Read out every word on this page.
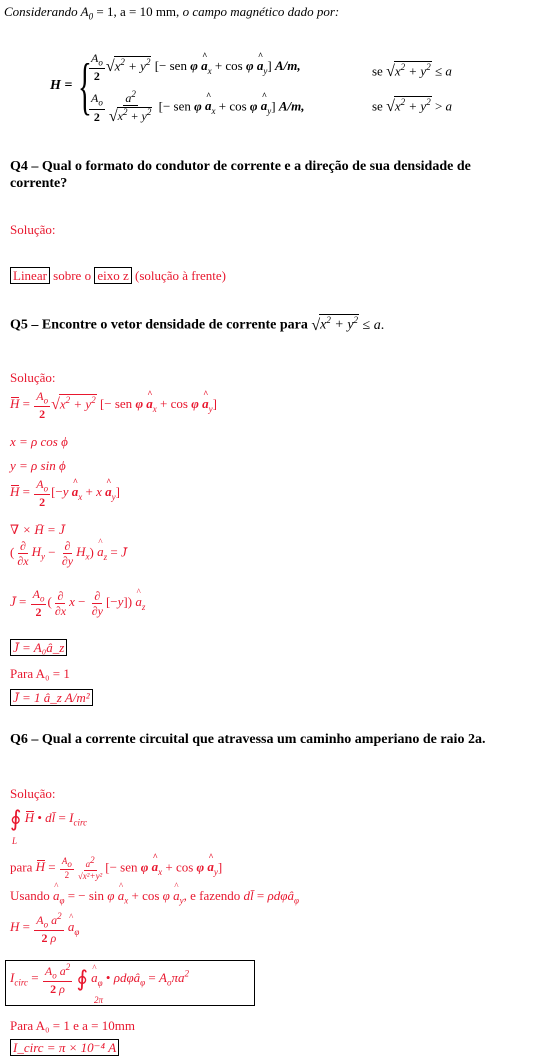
Considerando $A_0 = 1$, a = 10 mm, o campo magnético dado por:
H = {
$\frac{A_o}{2} √x^2 + y^2$ [− sen φ ^ $a_x + \cos \varphi$ ^ $a_y$] A/m,	se $√x^2 + y^2 \le a$
$\frac{A_o}{2} \frac{a^2}{√x^2 + y^2}$ [− sen φ ^ $a_x + \cos \varphi$ ^ $a_y$] A/m,	se $√x^2 + y^2 > a$
Q4 – Qual o formato do condutor de corrente e a direção de sua densidade de corrente?
Solução:
Linear sobre o eixo z (solução à frente)
Q5 – Encontre o vetor densidade de corrente para $√x^2 + y^2 \le a$.
Solução:
$H = \frac{A_o}{2} √x^2 + y^2$ [− sen φ ^ $a_x + \cos \varphi$ ^ $a_y$]
x = ρ cos ϕ
y = ρ sin ϕ
$H = \frac{A_o}{2} [-y$ ^ $a_x + x$ ^ $a_y$]
∇ × H̄ = J̄
( $\frac{\partial}{\partial x} H_y - \frac{\partial}{\partial y} H_x$) ^ $a_z$ = J̄
J̄ = $\frac{A_o}{2}$ ( $\frac{\partial}{\partial x}$ $x - \frac{\partial}{\partial y} [-y]$) ^ $a_z$
J̄ = A₀â_z
Para A₀ = 1
J̄ = 1 â_z A/m²
Q6 – Qual a corrente circuital que atravessa um caminho amperiano de raio 2a.
Solução:
∮ H • dl̄ = $I_{circ}$
L
para $H = \frac{A_o}{2} \frac{a^2}{\text{√x²+y²}}$ [− sen φ ^ $a_x + \cos \varphi$ ^ $a_y$]
Usando ^ $a_\varphi$ = − sin φ ^ $a_x + \cos \varphi$ ^ $a_y$, e fazendo dl̄ = ρdφâ$_\varphi$
$H = \frac{A_o a^2}{2 \rho}$ ^ $a_\varphi$
$I_{circ} = \frac{A_o a^2}{2 \rho}$ ∮ ^ $a_\varphi$ • ρdφâ$_\varphi$ = $A_o\pi a^2$
2π
Para A₀ = 1 e a = 10mm
I_circ = π × 10⁻⁴ A
